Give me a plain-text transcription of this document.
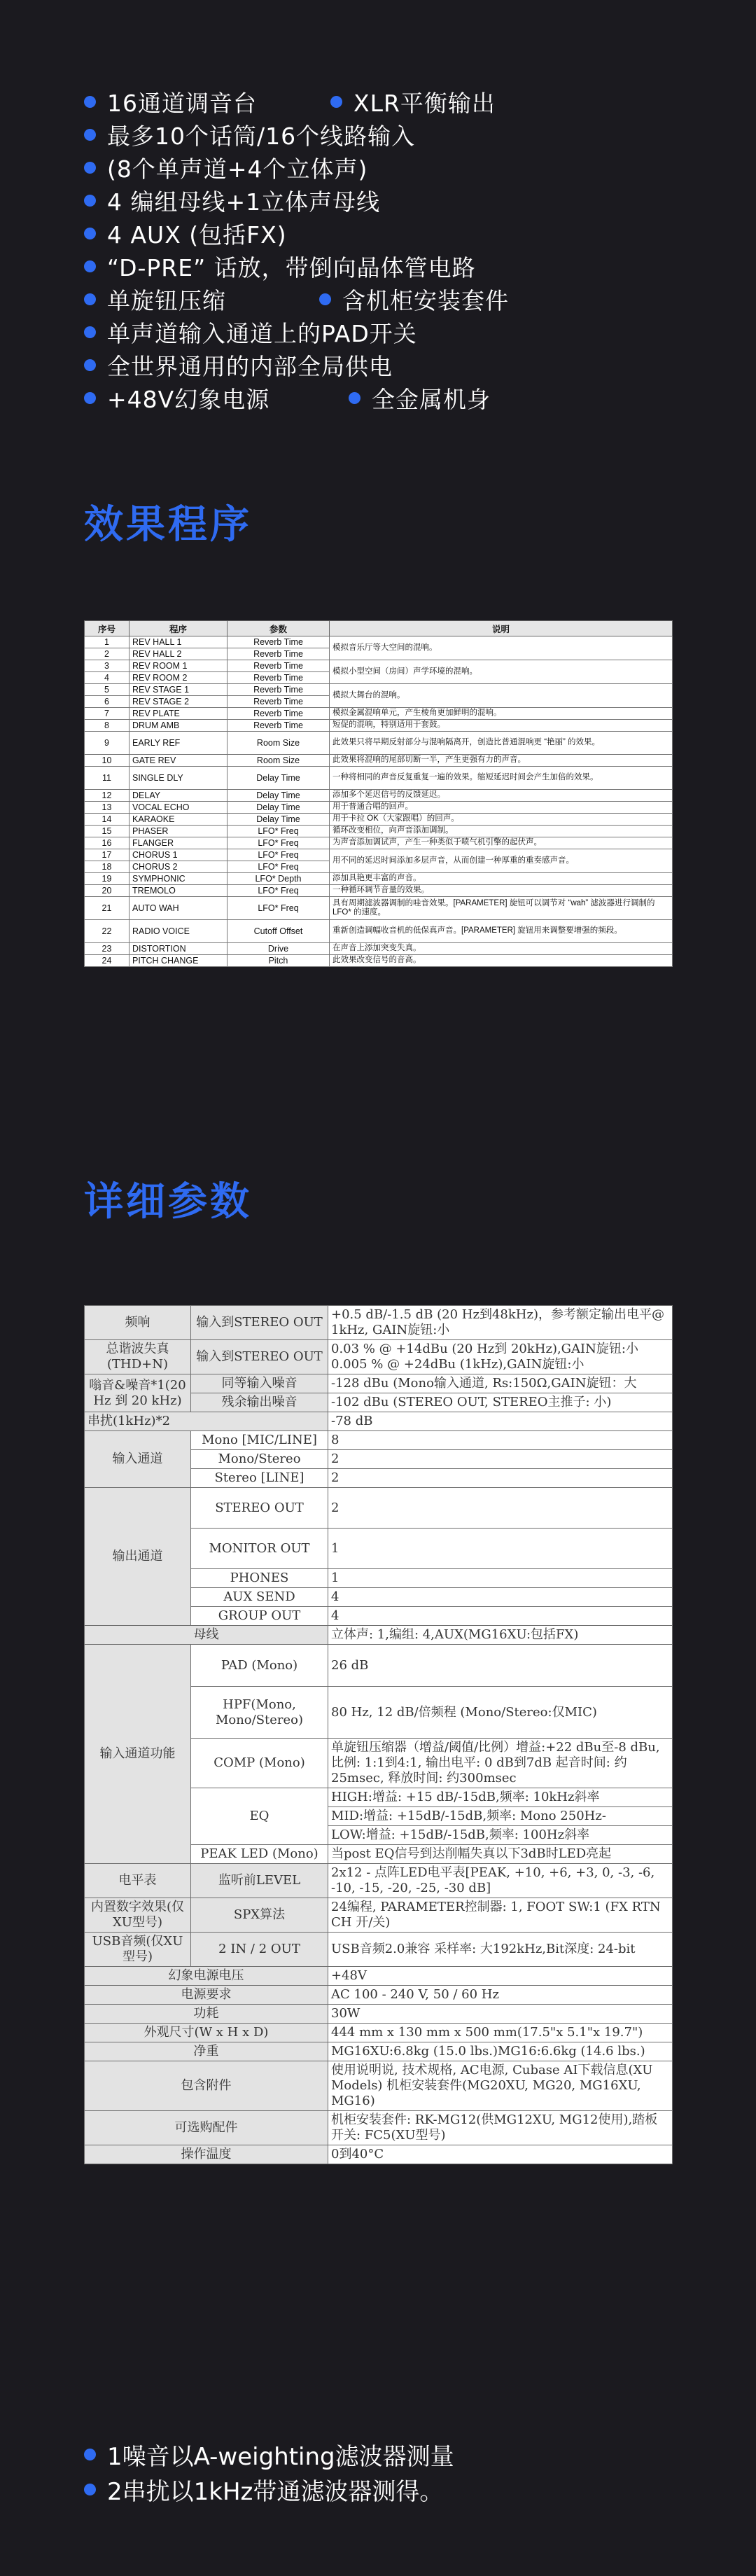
16通道调音台	XLR平衡输出
最多10个话筒/16个线路输入
(8个单声道+4个立体声)
4 编组母线+1立体声母线
4 AUX (包括FX)
“D-PRE” 话放，带倒向晶体管电路
单旋钮压缩	含机柜安装套件
单声道输入通道上的PAD开关
全世界通用的内部全局供电
+48V幻象电源	全金属机身
效果程序
序号	程序	参数	说明
1	REV HALL 1	Reverb Time	模拟音乐厅等大空间的混响。
2	REV HALL 2	Reverb Time	
3	REV ROOM 1	Reverb Time	模拟小型空间（房间）声学环境的混响。
4	REV ROOM 2	Reverb Time	
5	REV STAGE 1	Reverb Time	模拟大舞台的混响。
6	REV STAGE 2	Reverb Time	
7	REV PLATE	Reverb Time	模拟金属混响单元，产生棱角更加鲜明的混响。
8	DRUM AMB	Reverb Time	短促的混响，特别适用于套鼓。
9	EARLY REF	Room Size	此效果只将早期反射部分与混响隔离开，创造比普通混响更 “艳丽” 的效果。
10	GATE REV	Room Size	此效果将混响的尾部切断一半，产生更强有力的声音。
11	SINGLE DLY	Delay Time	一种将相同的声音反复重复一遍的效果。缩短延迟时间会产生加倍的效果。
12	DELAY	Delay Time	添加多个延迟信号的反馈延迟。
13	VOCAL ECHO	Delay Time	用于普通合唱的回声。
14	KARAOKE	Delay Time	用于卡拉 OK（大家跟唱）的回声。
15	PHASER	LFO* Freq	循环改变相位，向声音添加调制。
16	FLANGER	LFO* Freq	为声音添加调试声，产生一种类似于喷气机引擎的起伏声。
17	CHORUS 1	LFO* Freq	用不同的延迟时间添加多层声音，从而创建一种厚重的重奏感声音。
18	CHORUS 2	LFO* Freq	
19	SYMPHONIC	LFO* Depth	添加具艳更丰富的声音。
20	TREMOLO	LFO* Freq	一种循环调节音量的效果。
21	AUTO WAH	LFO* Freq	具有周期滤波器调制的哇音效果。[PARAMETER] 旋钮可以调节对 “wah” 滤波器进行调制的LFO* 的速度。
22	RADIO VOICE	Cutoff Offset	重新创造调幅收音机的低保真声音。[PARAMETER] 旋钮用来调整要增强的频段。
23	DISTORTION	Drive	在声音上添加突变失真。
24	PITCH CHANGE	Pitch	此效果改变信号的音高。
详细参数
频响	输入到STEREO OUT	+0.5 dB/-1.5 dB (20 Hz到48kHz)，参考额定输出电平@ 1kHz, GAIN旋钮:小
总谐波失真(THD+N)	输入到STEREO OUT	0.03 % @ +14dBu (20 Hz到 20kHz),GAIN旋钮:小 0.005 % @ +24dBu (1kHz),GAIN旋钮:小
嗡音&噪音*1(20 Hz 到 20 kHz)	同等输入噪音	-128 dBu (Mono输入通道, Rs:150Ω,GAIN旋钮：大
	残余输出噪音	-102 dBu (STEREO OUT, STEREO主推子: 小)
串扰(1kHz)*2		-78 dB
输入通道	Mono [MIC/LINE]	8
	Mono/Stereo	2
	Stereo [LINE]	2
输出通道	STEREO OUT	2
	MONITOR OUT	1
	PHONES	1
	AUX SEND	4
	GROUP OUT	4
母线		立体声: 1,编组: 4,AUX(MG16XU:包括FX)
输入通道功能	PAD (Mono)	26 dB
	HPF(Mono, Mono/Stereo)	80 Hz, 12 dB/倍频程 (Mono/Stereo:仅MIC)
	COMP (Mono)	单旋钮压缩器（增益/阈值/比例）增益:+22 dBu至-8 dBu, 比例: 1:1到4:1, 输出电平: 0 dB到7dB 起音时间: 约 25msec, 释放时间: 约300msec
	EQ	HIGH:增益: +15 dB/-15dB,频率: 10kHz斜率
		MID:增益: +15dB/-15dB,频率: Mono 250Hz-
		LOW:增益: +15dB/-15dB,频率: 100Hz斜率
	PEAK LED (Mono)	当post EQ信号到达削幅失真以下3dB时LED亮起
电平表	监听前LEVEL	2x12 - 点阵LED电平表[PEAK, +10, +6, +3, 0, -3, -6, -10, -15, -20, -25, -30 dB]
内置数字效果(仅XU型号)	SPX算法	24编程, PARAMETER控制器: 1, FOOT SW:1 (FX RTN CH 开/关)
USB音频(仅XU型号)	2 IN / 2 OUT	USB音频2.0兼容 采样率: 大192kHz,Bit深度: 24-bit
幻象电源电压		+48V
电源要求		AC 100 - 240 V, 50 / 60 Hz
功耗		30W
外观尺寸(W x H x D)		444 mm x 130 mm x 500 mm(17.5"x 5.1"x 19.7")
净重		MG16XU:6.8kg (15.0 lbs.)MG16:6.6kg (14.6 lbs.)
包含附件		使用说明说, 技术规格, AC电源, Cubase AI下载信息(XU Models) 机柜安装套件(MG20XU, MG20, MG16XU, MG16)
可选购配件		机柜安装套件: RK-MG12(供MG12XU, MG12使用),踏板开关: FC5(XU型号)
操作温度		0到40°C
1噪音以A-weighting滤波器测量
2串扰以1kHz带通滤波器测得。
